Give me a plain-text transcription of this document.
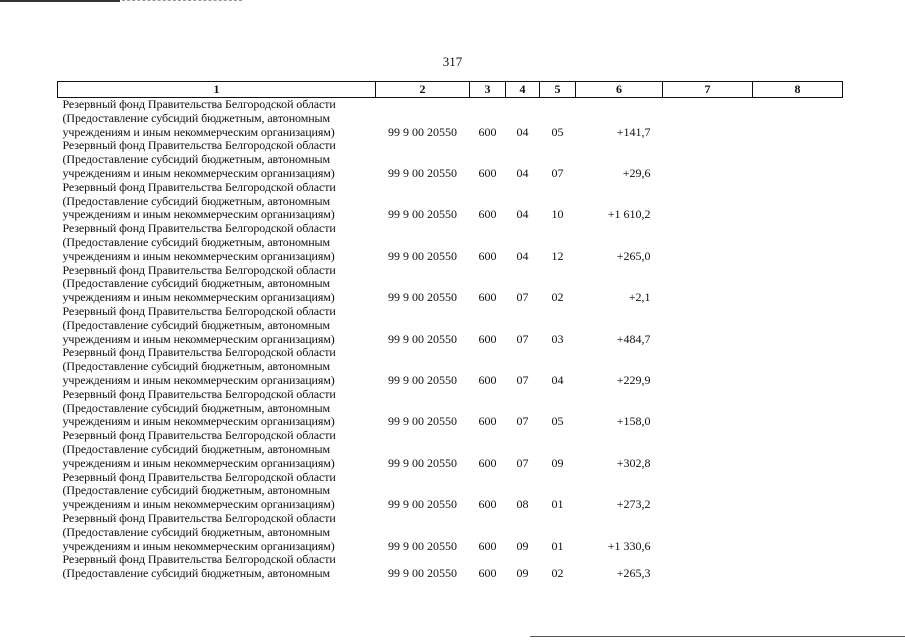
317
1	2	3	4	5	6	7	8

Резервный фонд Правительства Белгородской области
(Предоставление субсидий бюджетным, автономным
учреждениям и иным некоммерческим организациям)	99 9 00 20550	600	04	05	+141,7		

Резервный фонд Правительства Белгородской области
(Предоставление субсидий бюджетным, автономным
учреждениям и иным некоммерческим организациям)	99 9 00 20550	600	04	07	+29,6		

Резервный фонд Правительства Белгородской области
(Предоставление субсидий бюджетным, автономным
учреждениям и иным некоммерческим организациям)	99 9 00 20550	600	04	10	+1 610,2		

Резервный фонд Правительства Белгородской области
(Предоставление субсидий бюджетным, автономным
учреждениям и иным некоммерческим организациям)	99 9 00 20550	600	04	12	+265,0		

Резервный фонд Правительства Белгородской области
(Предоставление субсидий бюджетным, автономным
учреждениям и иным некоммерческим организациям)	99 9 00 20550	600	07	02	+2,1		

Резервный фонд Правительства Белгородской области
(Предоставление субсидий бюджетным, автономным
учреждениям и иным некоммерческим организациям)	99 9 00 20550	600	07	03	+484,7		

Резервный фонд Правительства Белгородской области
(Предоставление субсидий бюджетным, автономным
учреждениям и иным некоммерческим организациям)	99 9 00 20550	600	07	04	+229,9		

Резервный фонд Правительства Белгородской области
(Предоставление субсидий бюджетным, автономным
учреждениям и иным некоммерческим организациям)	99 9 00 20550	600	07	05	+158,0		

Резервный фонд Правительства Белгородской области
(Предоставление субсидий бюджетным, автономным
учреждениям и иным некоммерческим организациям)	99 9 00 20550	600	07	09	+302,8		

Резервный фонд Правительства Белгородской области
(Предоставление субсидий бюджетным, автономным
учреждениям и иным некоммерческим организациям)	99 9 00 20550	600	08	01	+273,2		

Резервный фонд Правительства Белгородской области
(Предоставление субсидий бюджетным, автономным
учреждениям и иным некоммерческим организациям)	99 9 00 20550	600	09	01	+1 330,6		

Резервный фонд Правительства Белгородской области
(Предоставление субсидий бюджетным, автономным	99 9 00 20550	600	09	02	+265,3		
